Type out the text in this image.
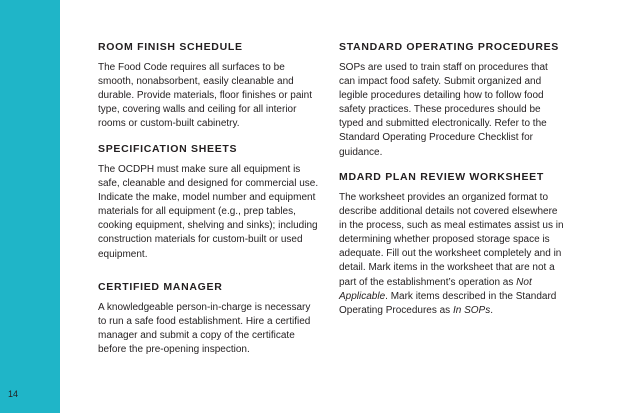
14
ROOM FINISH SCHEDULE

The Food Code requires all surfaces to be smooth, nonabsorbent, easily cleanable and durable. Provide materials, floor finishes or paint type, covering walls and ceiling for all interior rooms or custom-built cabinetry.

SPECIFICATION SHEETS

The OCDPH must make sure all equipment is safe, cleanable and designed for commercial use. Indicate the make, model number and equipment materials for all equipment (e.g., prep tables, cooking equipment, shelving and sinks); including construction materials for custom-built or used equipment.

CERTIFIED MANAGER

A knowledgeable person-in-charge is necessary to run a safe food establishment. Hire a certified manager and submit a copy of the certificate before the pre-opening inspection.

STANDARD OPERATING PROCEDURES

SOPs are used to train staff on procedures that can impact food safety. Submit organized and legible procedures detailing how to follow food safety practices. These procedures should be typed and submitted electronically. Refer to the Standard Operating Procedure Checklist for guidance.

MDARD PLAN REVIEW WORKSHEET

The worksheet provides an organized format to describe additional details not covered elsewhere in the process, such as meal estimates assist us in determining whether proposed storage space is adequate. Fill out the worksheet completely and in detail. Mark items in the worksheet that are not a part of the establishment’s operation as Not Applicable. Mark items described in the Standard Operating Procedures as In SOPs.
